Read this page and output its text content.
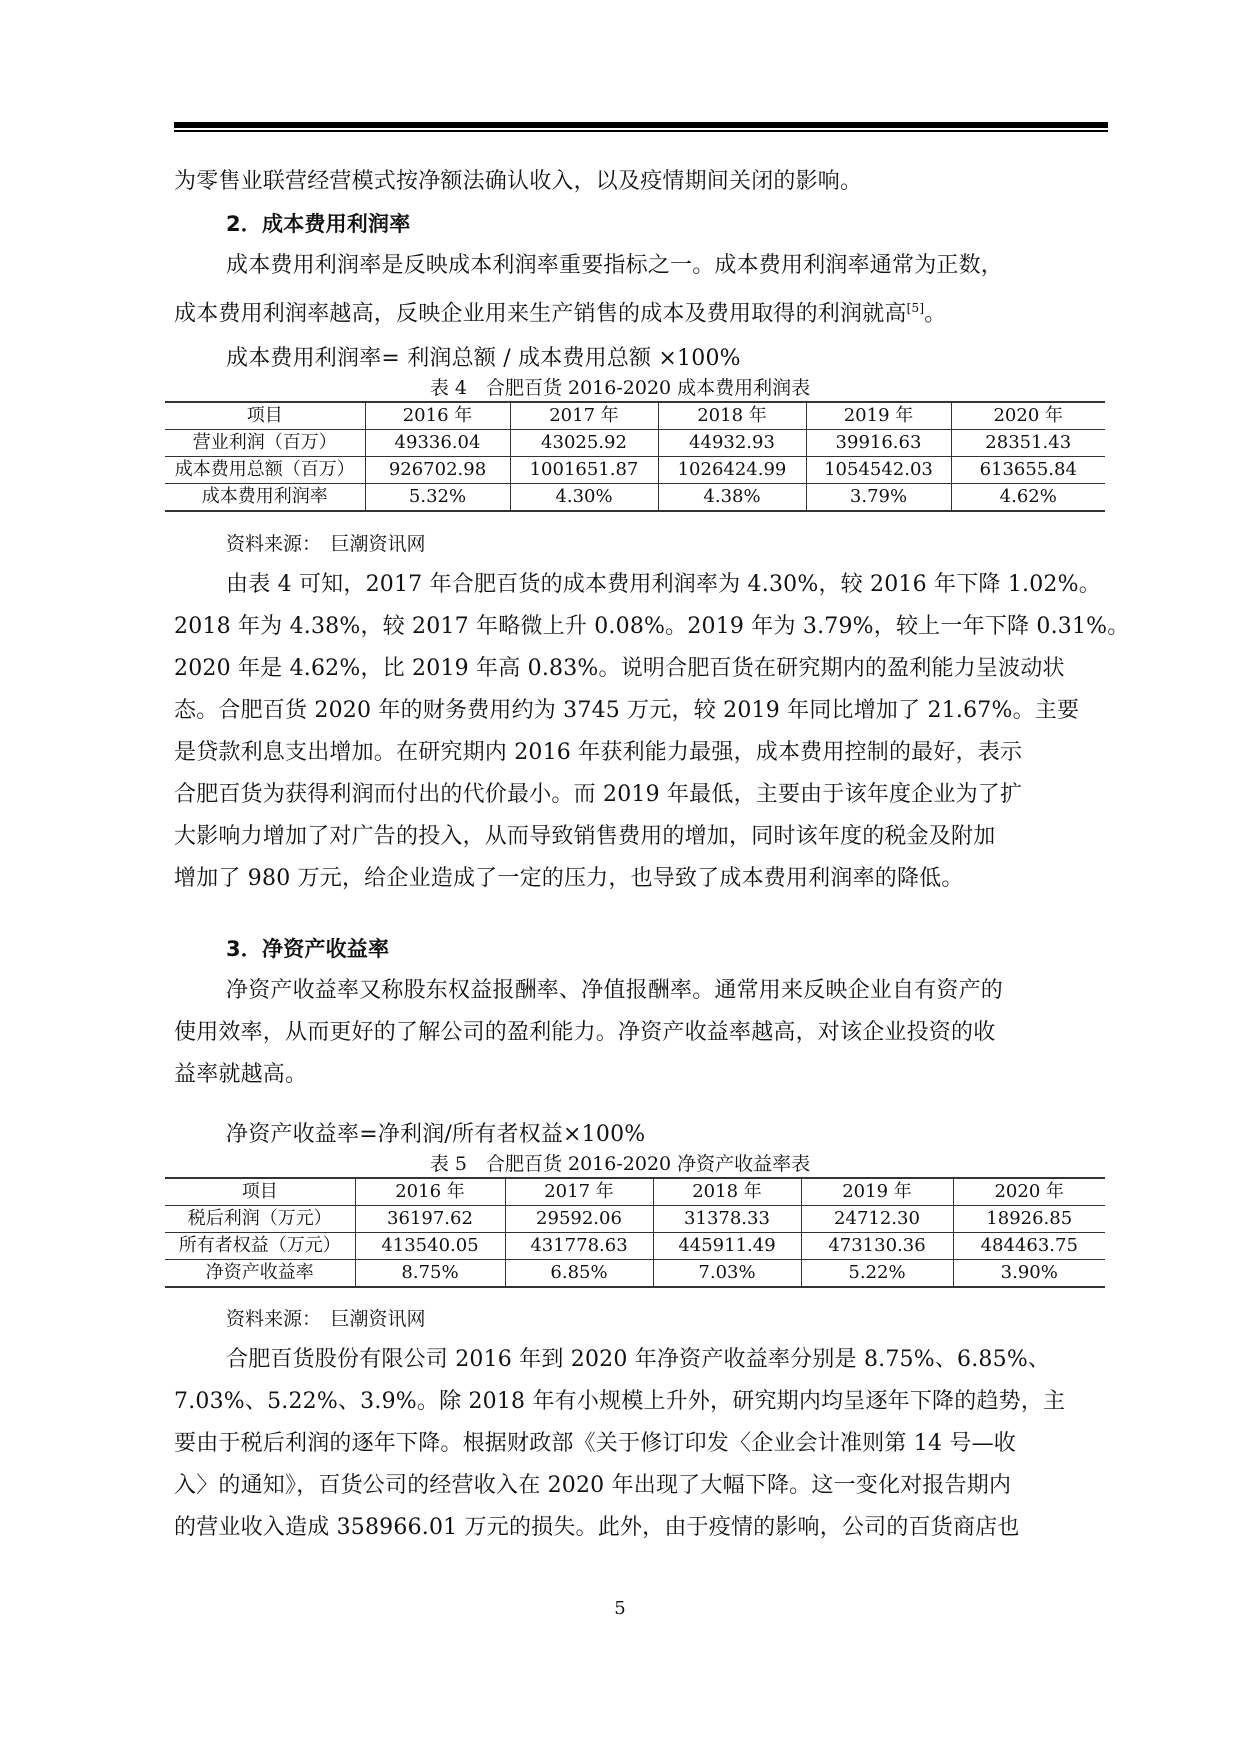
为零售业联营经营模式按净额法确认收入，以及疫情期间关闭的影响。
2．成本费用利润率
成本费用利润率是反映成本利润率重要指标之一。成本费用利润率通常为正数，
成本费用利润率越高，反映企业用来生产销售的成本及费用取得的利润就高[5]。
成本费用利润率= 利润总额 / 成本费用总额 ×100%
表 4　合肥百货 2016-2020 成本费用利润表
项目	2016 年	2017 年	2018 年	2019 年	2020 年
营业利润（百万）	49336.04	43025.92	44932.93	39916.63	28351.43
成本费用总额（百万）	926702.98	1001651.87	1026424.99	1054542.03	613655.84
成本费用利润率	5.32%	4.30%	4.38%	3.79%	4.62%
资料来源：　巨潮资讯网
由表 4 可知，2017 年合肥百货的成本费用利润率为 4.30%，较 2016 年下降 1.02%。
2018 年为 4.38%，较 2017 年略微上升 0.08%。2019 年为 3.79%，较上一年下降 0.31%。
2020 年是 4.62%，比 2019 年高 0.83%。说明合肥百货在研究期内的盈利能力呈波动状
态。合肥百货 2020 年的财务费用约为 3745 万元，较 2019 年同比增加了 21.67%。主要
是贷款利息支出增加。在研究期内 2016 年获利能力最强，成本费用控制的最好，表示
合肥百货为获得利润而付出的代价最小。而 2019 年最低，主要由于该年度企业为了扩
大影响力增加了对广告的投入，从而导致销售费用的增加，同时该年度的税金及附加
增加了 980 万元，给企业造成了一定的压力，也导致了成本费用利润率的降低。
3．净资产收益率
净资产收益率又称股东权益报酬率、净值报酬率。通常用来反映企业自有资产的
使用效率，从而更好的了解公司的盈利能力。净资产收益率越高，对该企业投资的收
益率就越高。
净资产收益率=净利润/所有者权益×100%
表 5　合肥百货 2016-2020 净资产收益率表
项目	2016 年	2017 年	2018 年	2019 年	2020 年
税后利润（万元）	36197.62	29592.06	31378.33	24712.30	18926.85
所有者权益（万元）	413540.05	431778.63	445911.49	473130.36	484463.75
净资产收益率	8.75%	6.85%	7.03%	5.22%	3.90%
资料来源：　巨潮资讯网
合肥百货股份有限公司 2016 年到 2020 年净资产收益率分别是 8.75%、6.85%、
7.03%、5.22%、3.9%。除 2018 年有小规模上升外，研究期内均呈逐年下降的趋势，主
要由于税后利润的逐年下降。根据财政部《关于修订印发〈企业会计准则第 14 号—收
入〉的通知》，百货公司的经营收入在 2020 年出现了大幅下降。这一变化对报告期内
的营业收入造成 358966.01 万元的损失。此外，由于疫情的影响，公司的百货商店也
5
